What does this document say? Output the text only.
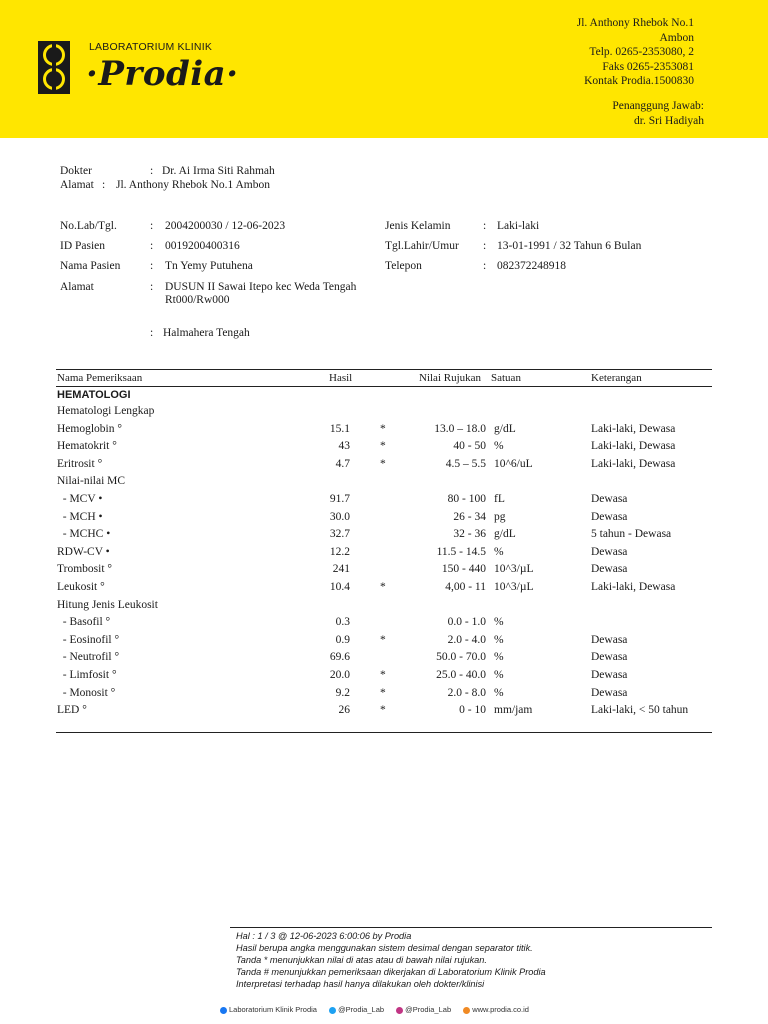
LABORATORIUM KLINIK
·Prodia·
Jl. Anthony Rhebok No.1
Ambon
Telp. 0265-2353080, 2
Faks 0265-2353081
Kontak Prodia.1500830
Penanggung Jawab:
dr. Sri Hadiyah
Dokter	: Dr. Ai Irma Siti Rahmah
Alamat : Jl. Anthony Rhebok No.1 Ambon
No.Lab/Tgl.	: 2004200030 / 12-06-2023
ID Pasien	: 0019200400316
Nama Pasien	: Tn Yemy Putuhena
Alamat	: DUSUN II Sawai Itepo kec Weda Tengah
Rt000/Rw000
: Halmahera Tengah
Jenis Kelamin	: Laki-laki
Tgl.Lahir/Umur : 13-01-1991 / 32 Tahun 6 Bulan
Telepon	: 082372248918
Nama Pemeriksaan	Hasil	Nilai Rujukan Satuan	Keterangan
HEMATOLOGI
Hematologi Lengkap
Hemoglobin °	15.1	*	13.0 – 18.0 g/dL	Laki-laki, Dewasa
Hematokrit °	43	*	40 - 50 %	Laki-laki, Dewasa
Eritrosit °	4.7	*	4.5 – 5.5 10^6/uL	Laki-laki, Dewasa
Nilai-nilai MC
- MCV •	91.7	80 - 100 fL	Dewasa
- MCH •	30.0	26 - 34 pg	Dewasa
- MCHC •	32.7	32 - 36 g/dL	5 tahun - Dewasa
RDW-CV •	12.2	11.5 - 14.5 %	Dewasa
Trombosit °	241	150 - 440 10^3/µL	Dewasa
Leukosit °	10.4	*	4,00 - 11 10^3/µL	Laki-laki, Dewasa
Hitung Jenis Leukosit
- Basofil °	0.3	0.0 - 1.0 %
- Eosinofil °	0.9	*	2.0 - 4.0 %	Dewasa
- Neutrofil °	69.6	50.0 - 70.0 %	Dewasa
- Limfosit °	20.0	*	25.0 - 40.0 %	Dewasa
- Monosit °	9.2	*	2.0 - 8.0 %	Dewasa
LED °	26	*	0 - 10 mm/jam	Laki-laki, < 50 tahun
Hal : 1 / 3 @ 12-06-2023 6:00:06 by Prodia
Hasil berupa angka menggunakan sistem desimal dengan separator titik.
Tanda * menunjukkan nilai di atas atau di bawah nilai rujukan.
Tanda # menunjukkan pemeriksaan dikerjakan di Laboratorium Klinik Prodia
Interpretasi terhadap hasil hanya dilakukan oleh dokter/klinisi
Laboratorium Klinik Prodia	@Prodia_Lab	@Prodia_Lab	www.prodia.co.id
